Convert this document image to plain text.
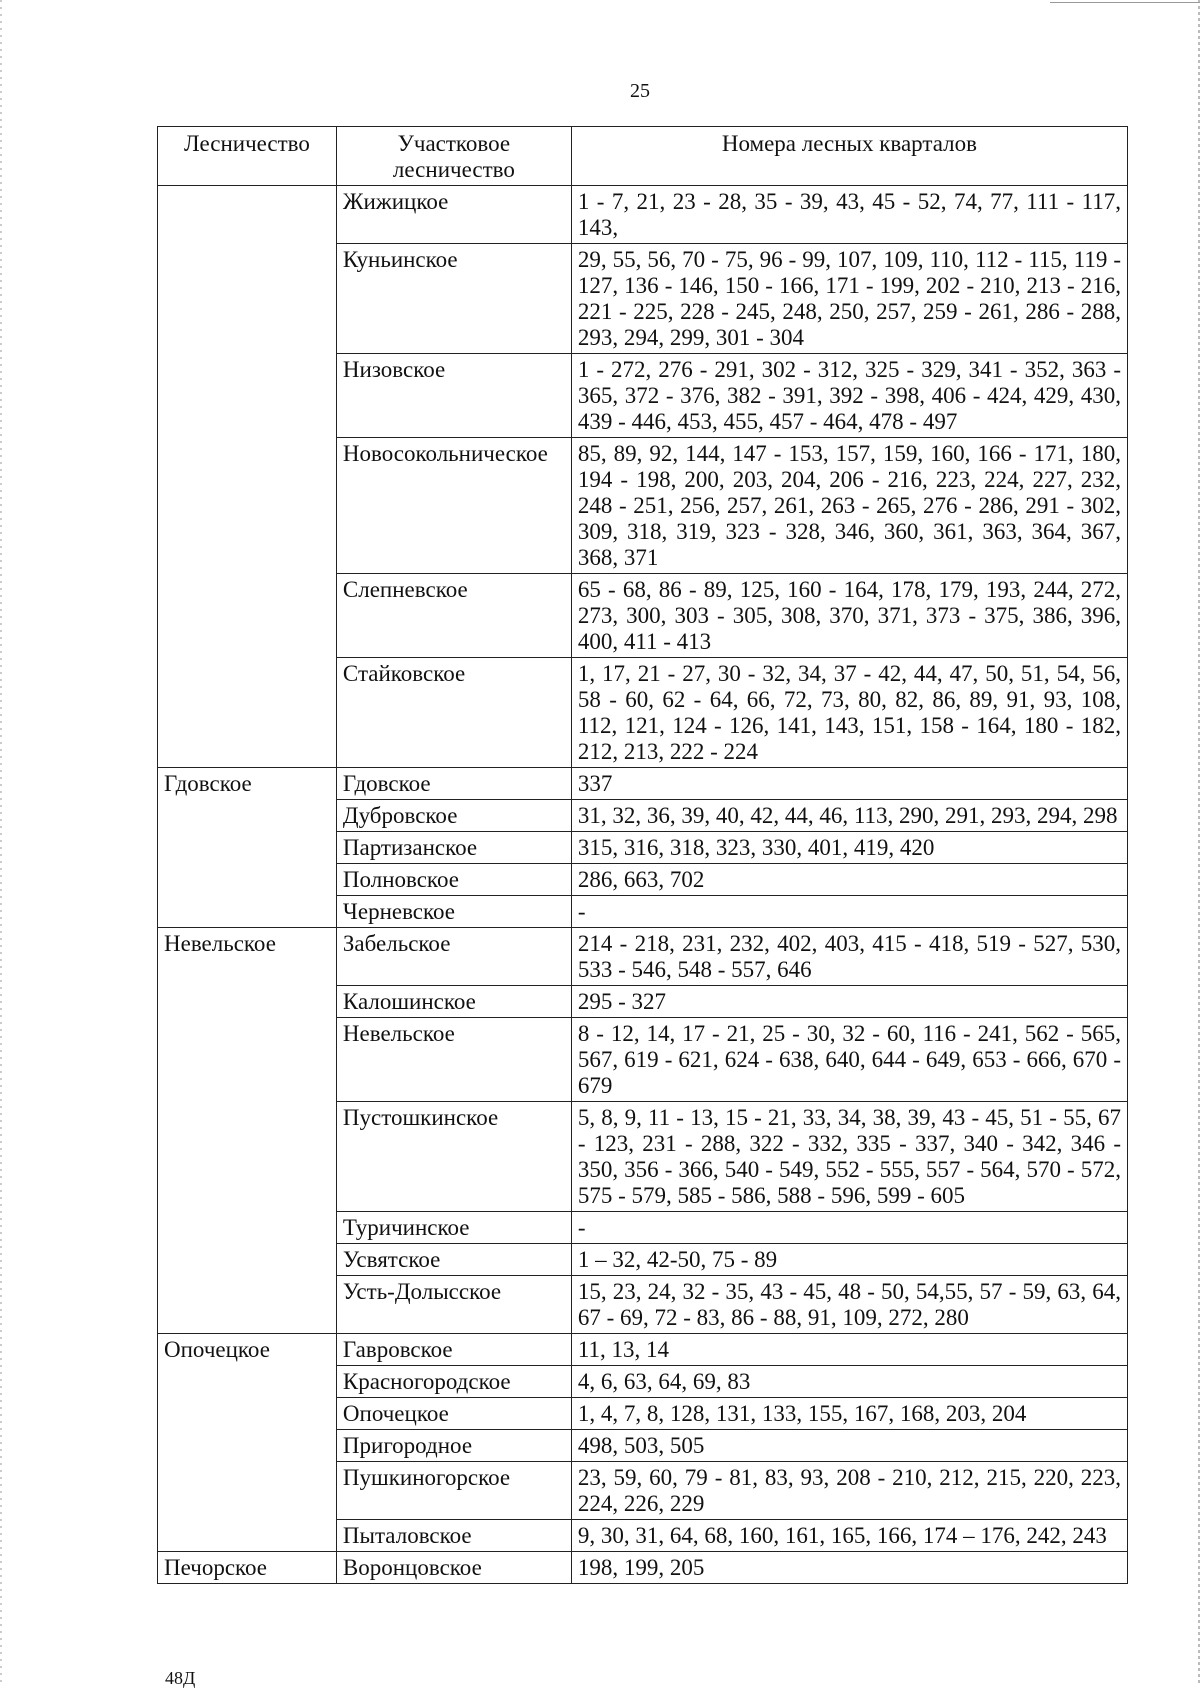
25
Лесничество	Участковое лесничество	Номера лесных кварталов
	Жижицкое	1 - 7, 21, 23 - 28, 35 - 39, 43, 45 - 52, 74, 77, 111 - 117, 143,
	Куньинское	29, 55, 56, 70 - 75, 96 - 99, 107, 109, 110, 112 - 115, 119 - 127, 136 - 146, 150 - 166, 171 - 199, 202 - 210, 213 - 216, 221 - 225, 228 - 245, 248, 250, 257, 259 - 261, 286 - 288, 293, 294, 299, 301 - 304
	Низовское	1 - 272, 276 - 291, 302 - 312, 325 - 329, 341 - 352, 363 - 365, 372 - 376, 382 - 391, 392 - 398, 406 - 424, 429, 430, 439 - 446, 453, 455, 457 - 464, 478 - 497
	Новосокольническое	85, 89, 92, 144, 147 - 153, 157, 159, 160, 166 - 171, 180, 194 - 198, 200, 203, 204, 206 - 216, 223, 224, 227, 232, 248 - 251, 256, 257, 261, 263 - 265, 276 - 286, 291 - 302, 309, 318, 319, 323 - 328, 346, 360, 361, 363, 364, 367, 368, 371
	Слепневское	65 - 68, 86 - 89, 125, 160 - 164, 178, 179, 193, 244, 272, 273, 300, 303 - 305, 308, 370, 371, 373 - 375, 386, 396, 400, 411 - 413
	Стайковское	1, 17, 21 - 27, 30 - 32, 34, 37 - 42, 44, 47, 50, 51, 54, 56, 58 - 60, 62 - 64, 66, 72, 73, 80, 82, 86, 89, 91, 93, 108, 112, 121, 124 - 126, 141, 143, 151, 158 - 164, 180 - 182, 212, 213, 222 - 224
Гдовское	Гдовское	337
	Дубровское	31, 32, 36, 39, 40, 42, 44, 46, 113, 290, 291, 293, 294, 298
	Партизанское	315, 316, 318, 323, 330, 401, 419, 420
	Полновское	286, 663, 702
	Черневское	-
Невельское	Забельское	214 - 218, 231, 232, 402, 403, 415 - 418, 519 - 527, 530, 533 - 546, 548 - 557, 646
	Калошинское	295 - 327
	Невельское	8 - 12, 14, 17 - 21, 25 - 30, 32 - 60, 116 - 241, 562 - 565, 567, 619 - 621, 624 - 638, 640, 644 - 649, 653 - 666, 670 - 679
	Пустошкинское	5, 8, 9, 11 - 13, 15 - 21, 33, 34, 38, 39, 43 - 45, 51 - 55, 67 - 123, 231 - 288, 322 - 332, 335 - 337, 340 - 342, 346 - 350, 356 - 366, 540 - 549, 552 - 555, 557 - 564, 570 - 572, 575 - 579, 585 - 586, 588 - 596, 599 - 605
	Туричинское	-
	Усвятское	1 – 32, 42-50, 75 - 89
	Усть-Долысское	15, 23, 24, 32 - 35, 43 - 45, 48 - 50, 54,55, 57 - 59, 63, 64, 67 - 69, 72 - 83, 86 - 88, 91, 109, 272, 280
Опочецкое	Гавровское	11, 13, 14
	Красногородское	4, 6, 63, 64, 69, 83
	Опочецкое	1, 4, 7, 8, 128, 131, 133, 155, 167, 168, 203, 204
	Пригородное	498, 503, 505
	Пушкиногорское	23, 59, 60, 79 - 81, 83, 93, 208 - 210, 212, 215, 220, 223, 224, 226, 229
	Пыталовское	9, 30, 31, 64, 68, 160, 161, 165, 166, 174 – 176, 242, 243
Печорское	Воронцовское	198, 199, 205
48Д
